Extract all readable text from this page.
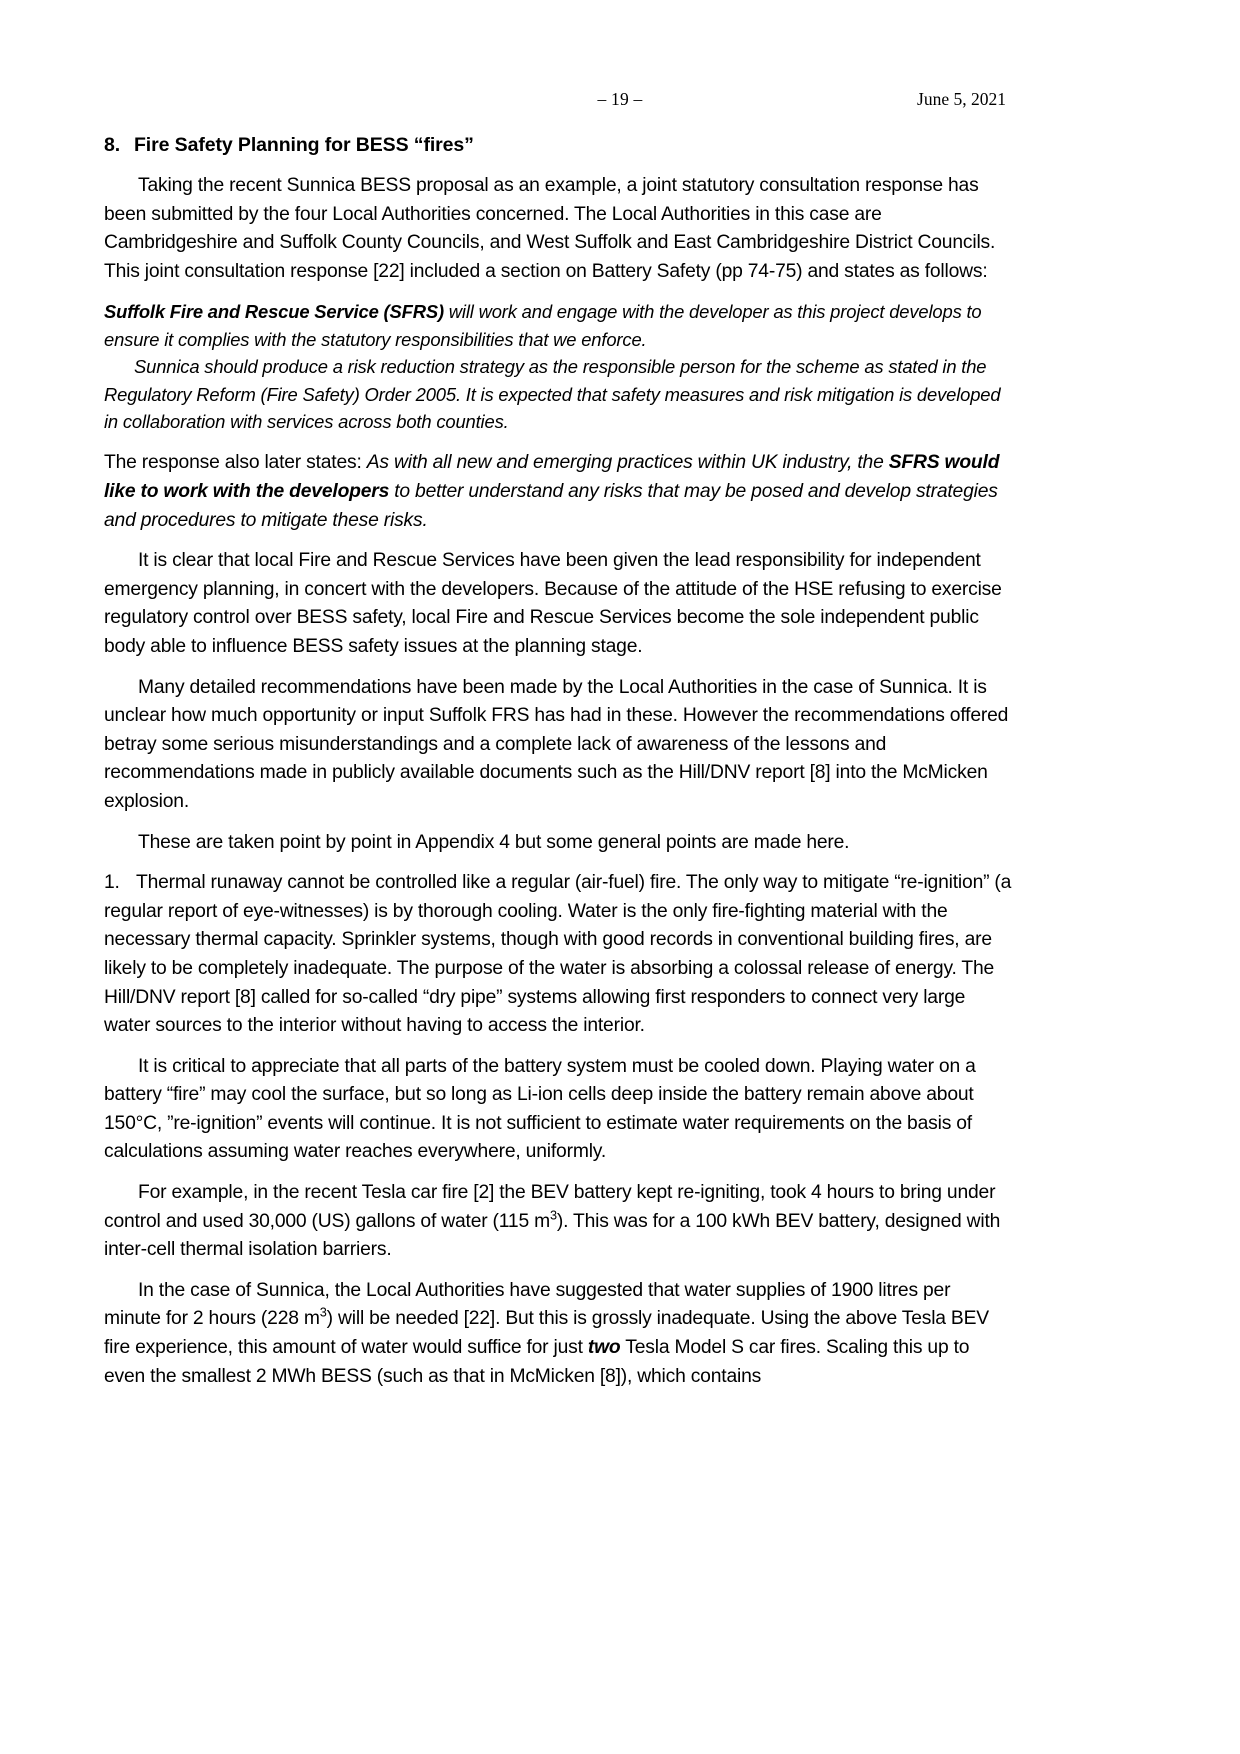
– 19 –	June 5, 2021
8. Fire Safety Planning for BESS “fires”

Taking the recent Sunnica BESS proposal as an example, a joint statutory consultation response has been submitted by the four Local Authorities concerned. The Local Authorities in this case are Cambridgeshire and Suffolk County Councils, and West Suffolk and East Cambridgeshire District Councils. This joint consultation response [22] included a section on Battery Safety (pp 74-75) and states as follows:

Suffolk Fire and Rescue Service (SFRS) will work and engage with the developer as this project develops to ensure it complies with the statutory responsibilities that we enforce.

Sunnica should produce a risk reduction strategy as the responsible person for the scheme as stated in the Regulatory Reform (Fire Safety) Order 2005. It is expected that safety measures and risk mitigation is developed in collaboration with services across both counties.

The response also later states: As with all new and emerging practices within UK industry, the SFRS would like to work with the developers to better understand any risks that may be posed and develop strategies and procedures to mitigate these risks.

It is clear that local Fire and Rescue Services have been given the lead responsibility for independent emergency planning, in concert with the developers. Because of the attitude of the HSE refusing to exercise regulatory control over BESS safety, local Fire and Rescue Services become the sole independent public body able to influence BESS safety issues at the planning stage.

Many detailed recommendations have been made by the Local Authorities in the case of Sunnica. It is unclear how much opportunity or input Suffolk FRS has had in these. However the recommendations offered betray some serious misunderstandings and a complete lack of awareness of the lessons and recommendations made in publicly available documents such as the Hill/DNV report [8] into the McMicken explosion.

These are taken point by point in Appendix 4 but some general points are made here.

1. Thermal runaway cannot be controlled like a regular (air-fuel) fire. The only way to mitigate “re-ignition” (a regular report of eye-witnesses) is by thorough cooling. Water is the only fire-fighting material with the necessary thermal capacity. Sprinkler systems, though with good records in conventional building fires, are likely to be completely inadequate. The purpose of the water is absorbing a colossal release of energy. The Hill/DNV report [8] called for so-called “dry pipe” systems allowing first responders to connect very large water sources to the interior without having to access the interior.

It is critical to appreciate that all parts of the battery system must be cooled down. Playing water on a battery “fire” may cool the surface, but so long as Li-ion cells deep inside the battery remain above about 150°C, ”re-ignition” events will continue. It is not sufficient to estimate water requirements on the basis of calculations assuming water reaches everywhere, uniformly.

For example, in the recent Tesla car fire [2] the BEV battery kept re-igniting, took 4 hours to bring under control and used 30,000 (US) gallons of water (115 $m^3$). This was for a 100 kWh BEV battery, designed with inter-cell thermal isolation barriers.

In the case of Sunnica, the Local Authorities have suggested that water supplies of 1900 litres per minute for 2 hours (228 $m^3$) will be needed [22]. But this is grossly inadequate. Using the above Tesla BEV fire experience, this amount of water would suffice for just two Tesla Model S car fires. Scaling this up to even the smallest 2 MWh BESS (such as that in McMicken [8]), which contains
